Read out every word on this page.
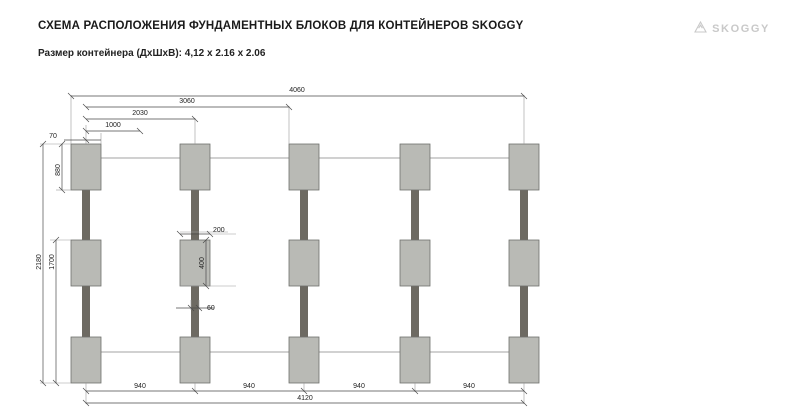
СХЕМА РАСПОЛОЖЕНИЯ ФУНДАМЕНТНЫХ БЛОКОВ ДЛЯ КОНТЕЙНЕРОВ SKOGGY
Размер контейнера (ДхШхВ): 4,12 х 2.16 х 2.06
SKOGGY
4060
3060
2030
1000
70
880
1700
2180
200
400
60
940	940	940	940
4120
